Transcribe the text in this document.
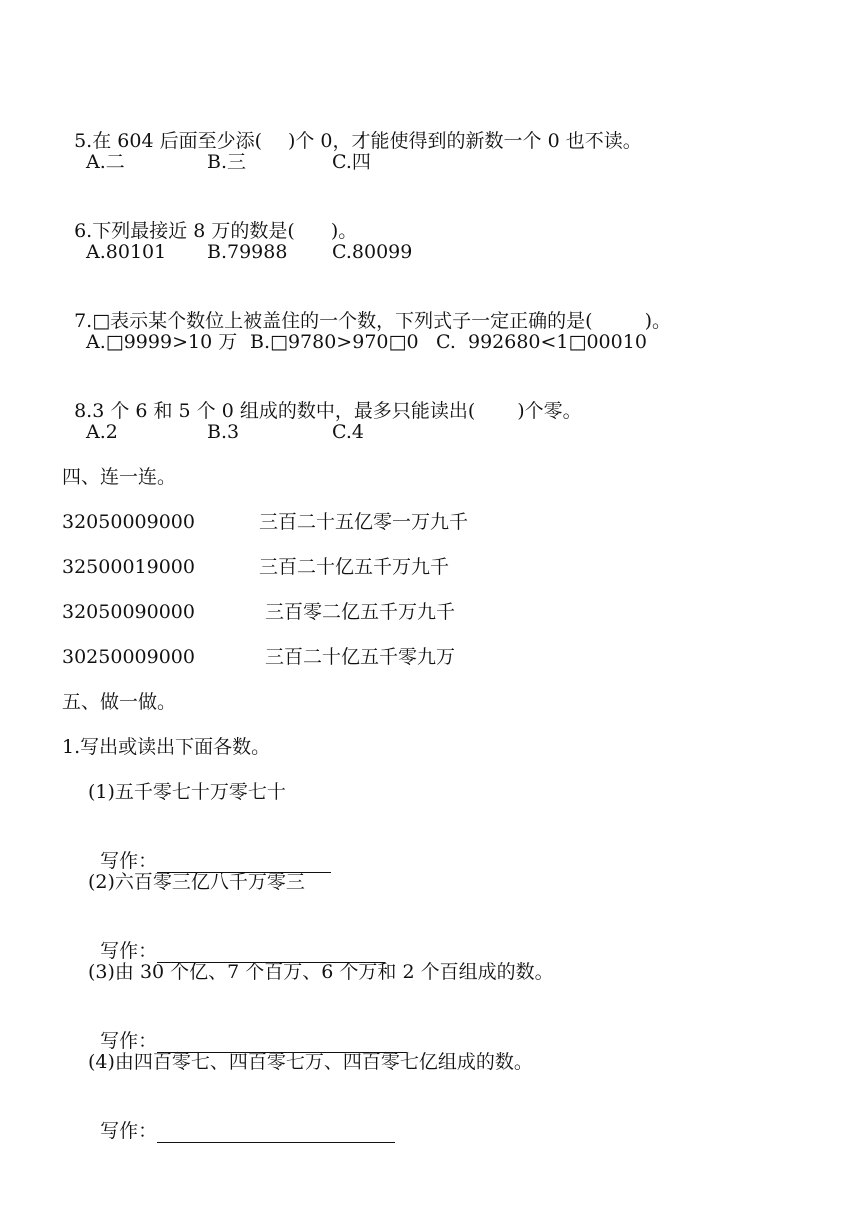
5.在 604 后面至少添( )个 0，才能使得到的新数一个 0 也不读。

A.二	B.三	C.四

6.下列最接近 8 万的数是( )。

A.80101 B.79988 C.80099

7.□表示某个数位上被盖住的一个数，下列式子一定正确的是(	)。

A.□9999>10 万 B.□9780>970□0 C.  992680<1□00010

8.3 个 6 和 5 个 0 组成的数中，最多只能读出( )个零。

A.2	B.3	C.4
四、连一连。
32050009000	三百二十五亿零一万九千
32500019000	三百二十亿五千万九千
32050090000	三百零二亿五千万九千
30250009000	三百二十亿五千零九万
五、做一做。
1.写出或读出下面各数。
(1)五千零七十万零七十

写作：

(2)六百零三亿八千万零三

写作：

(3)由 30 个亿、7 个百万、6 个万和 2 个百组成的数。

写作：

(4)由四百零七、四百零七万、四百零七亿组成的数。

写作：
